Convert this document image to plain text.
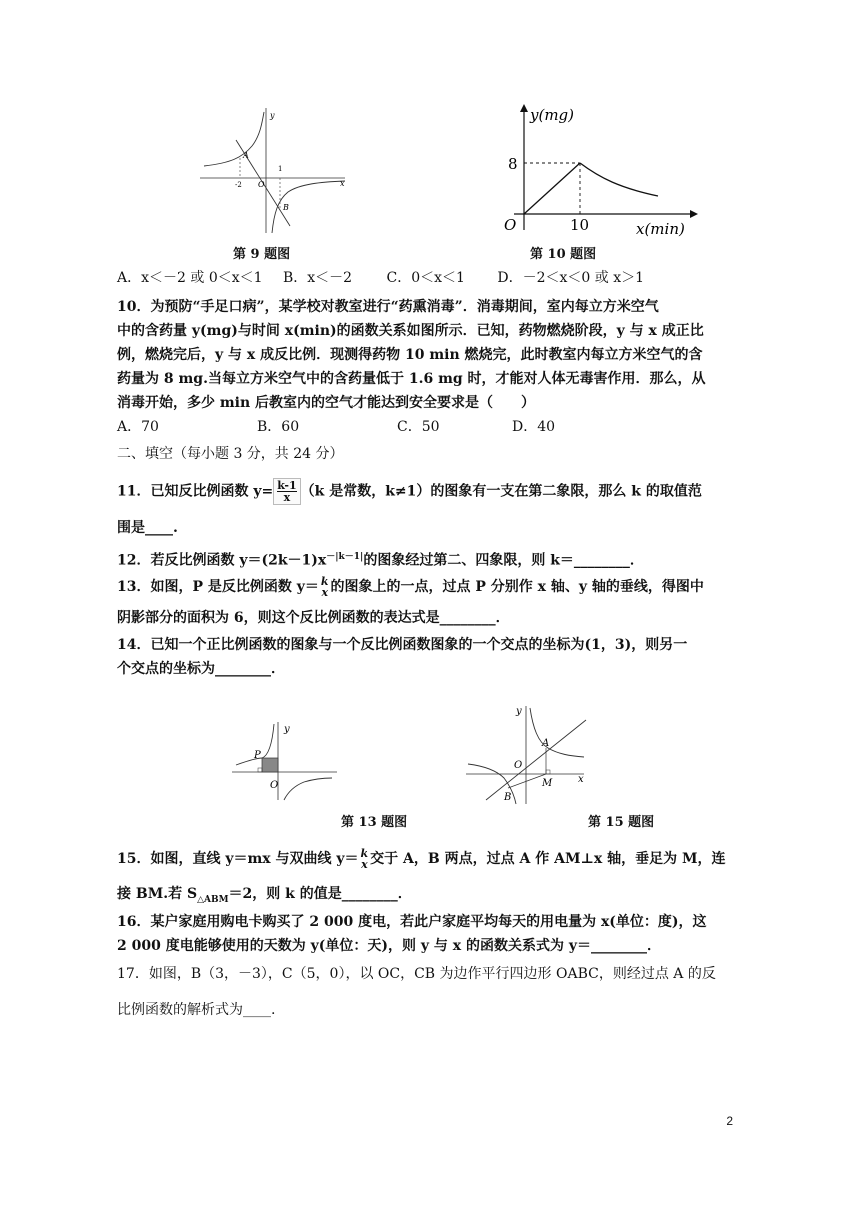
y
x
A
B
O
-2
1
第 9 题图
y(mg)
x(min)
O
8
10
第 10 题图
A．x＜－2 或 0＜x＜1 B．x＜－2 C．0＜x＜1 D．－2＜x＜0 或 x＞1
10．为预防“手足口病”，某学校对教室进行“药熏消毒”．消毒期间，室内每立方米空气
中的含药量 y(mg)与时间 x(min)的函数关系如图所示．已知，药物燃烧阶段，y 与 x 成正比
例，燃烧完后，y 与 x 成反比例．现测得药物 10 min 燃烧完，此时教室内每立方米空气的含
药量为 8 mg.当每立方米空气中的含药量低于 1.6 mg 时，才能对人体无毒害作用．那么，从
消毒开始，多少 min 后教室内的空气才能达到安全要求是（　　）
A．70	B．60	C．50	D．40
二、填空（每小题 3 分，共 24 分）
11．已知反比例函数 $y= \frac{k-1}{x}(k$ 是常数，k≠1）的图象有一支在第二象限，那么 k 的取值范
围是____.
12．若反比例函数 $y=(2k-1)x^{-|k-1|}$的图象经过第二、四象限，则 k＝________．
13．如图，P 是反比例函数 y＝ k
x 的图象上的一点，过点 P 分别作 x 轴、y 轴的垂线，得图中
阴影部分的面积为 6，则这个反比例函数的表达式是________．
14．已知一个正比例函数的图象与一个反比例函数图象的一个交点的坐标为(1，3)，则另一
个交点的坐标为________．
y
P
O
第 13 题图
y
x
A
B
O
M
第 15 题图
15．如图，直线 y＝mx 与双曲线 y＝ k
x 交于 A，B 两点，过点 A 作 AM⊥x 轴，垂足为 M，连
接 BM.若 $S_{\triangle ABM}=2$，则 k 的值是________．
16．某户家庭用购电卡购买了 2 000 度电，若此户家庭平均每天的用电量为 x(单位：度)，这
2 000 度电能够使用的天数为 y(单位：天)，则 y 与 x 的函数关系式为 y＝________．
17．如图，B（3，－3），C（5，0），以 OC，CB 为边作平行四边形 OABC，则经过点 A 的反
比例函数的解析式为____.
2
